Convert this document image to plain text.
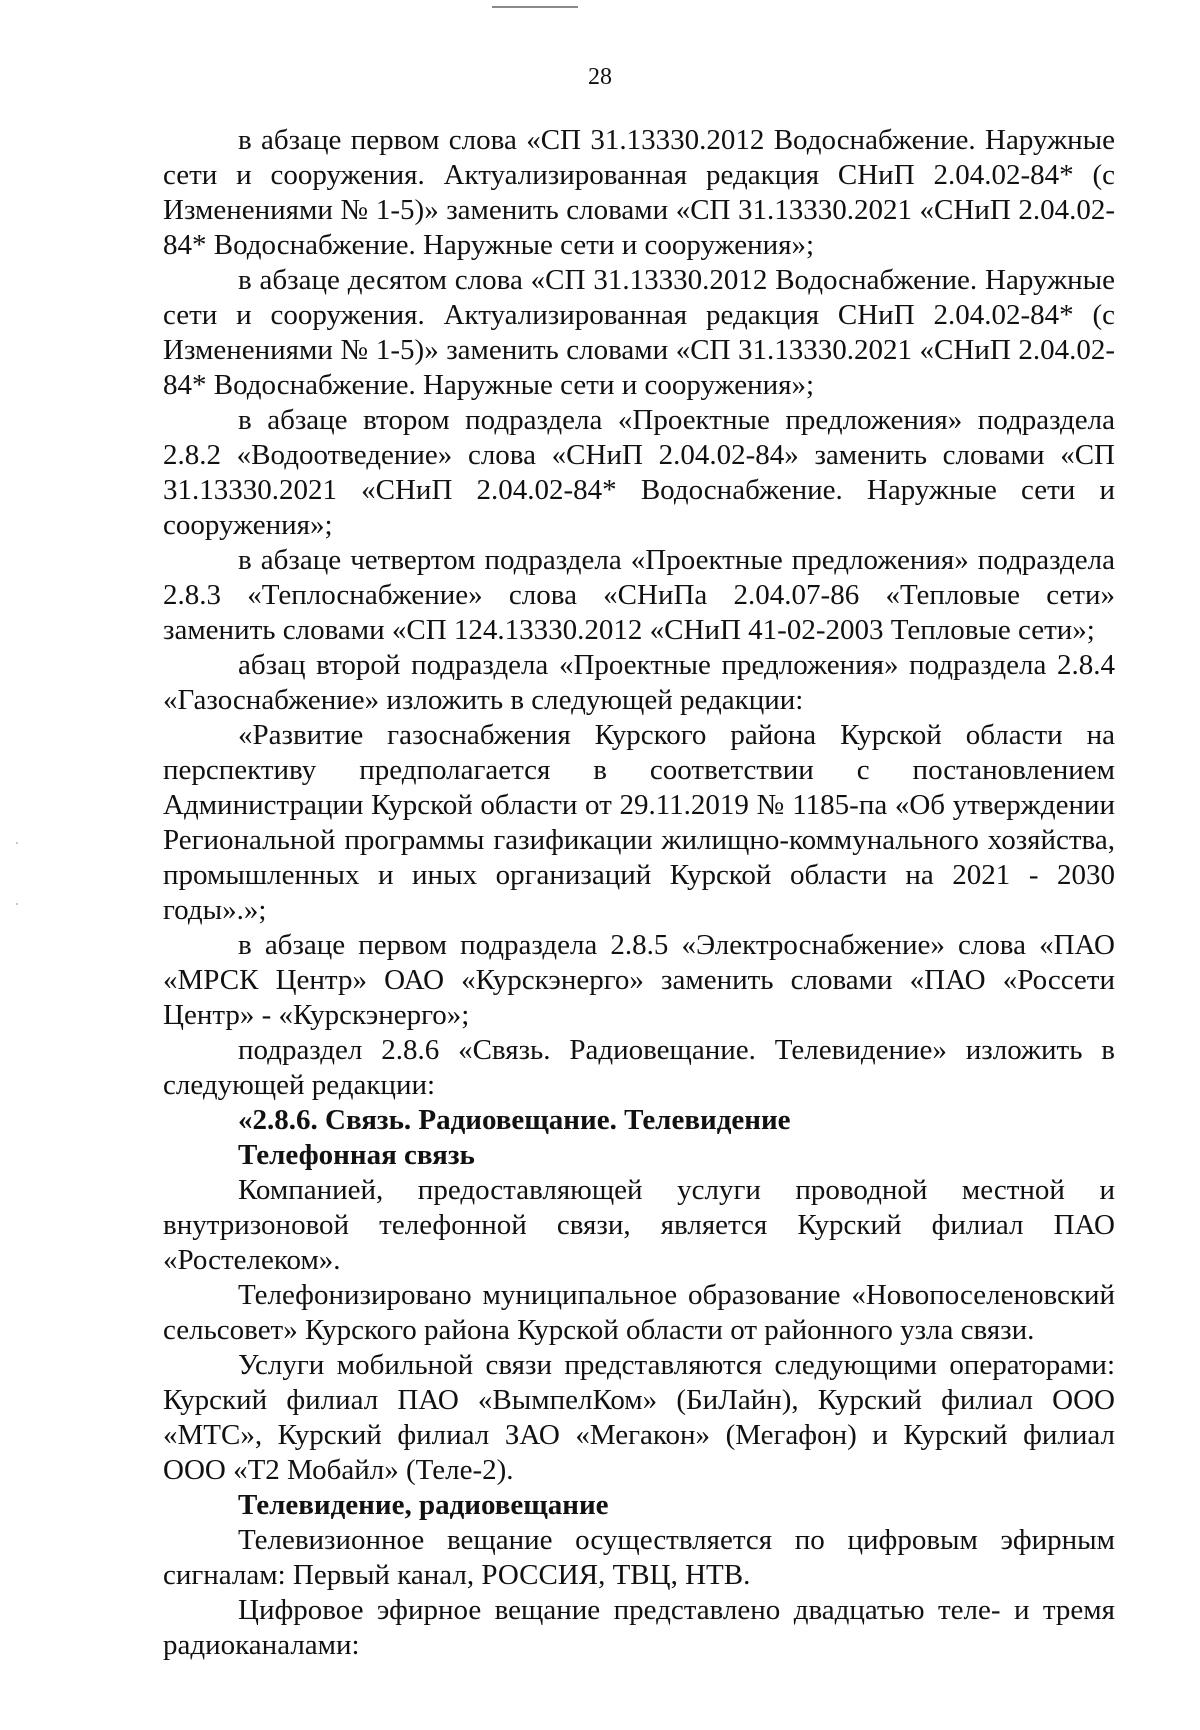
28

в абзаце первом слова «СП 31.13330.2012 Водоснабжение. Наружные сети и сооружения. Актуализированная редакция СНиП 2.04.02-84* (с Изменениями № 1-5)» заменить словами «СП 31.13330.2021 «СНиП 2.04.02-84* Водоснабжение. Наружные сети и сооружения»;

в абзаце десятом слова «СП 31.13330.2012 Водоснабжение. Наружные сети и сооружения. Актуализированная редакция СНиП 2.04.02-84* (с Изменениями № 1-5)» заменить словами «СП 31.13330.2021 «СНиП 2.04.02-84* Водоснабжение. Наружные сети и сооружения»;

в абзаце втором подраздела «Проектные предложения» подраздела 2.8.2 «Водоотведение» слова «СНиП 2.04.02-84» заменить словами «СП 31.13330.2021 «СНиП 2.04.02-84* Водоснабжение. Наружные сети и сооружения»;

в абзаце четвертом подраздела «Проектные предложения» подраздела 2.8.3 «Теплоснабжение» слова «СНиПа 2.04.07-86 «Тепловые сети» заменить словами «СП 124.13330.2012 «СНиП 41-02-2003 Тепловые сети»;

абзац второй подраздела «Проектные предложения» подраздела 2.8.4 «Газоснабжение» изложить в следующей редакции:

«Развитие газоснабжения Курского района Курской области на перспективу предполагается в соответствии с постановлением Администрации Курской области от 29.11.2019 № 1185-па «Об утверждении Региональной программы газификации жилищно-коммунального хозяйства, промышленных и иных организаций Курской области на 2021 - 2030 годы».»;

в абзаце первом подраздела 2.8.5 «Электроснабжение» слова «ПАО «МРСК Центр» ОАО «Курскэнерго» заменить словами «ПАО «Россети Центр» - «Курскэнерго»;

подраздел 2.8.6 «Связь. Радиовещание. Телевидение» изложить в следующей редакции:

«2.8.6. Связь. Радиовещание. Телевидение

Телефонная связь

Компанией, предоставляющей услуги проводной местной и внутризоновой телефонной связи, является Курский филиал ПАО «Ростелеком».

Телефонизировано муниципальное образование «Новопоселеновский сельсовет» Курского района Курской области от районного узла связи.

Услуги мобильной связи представляются следующими операторами: Курский филиал ПАО «ВымпелКом» (БиЛайн), Курский филиал ООО «МТС», Курский филиал ЗАО «Мегакон» (Мегафон) и Курский филиал ООО «Т2 Мобайл» (Теле-2).

Телевидение, радиовещание

Телевизионное вещание осуществляется по цифровым эфирным сигналам: Первый канал, РОССИЯ, ТВЦ, НТВ.

Цифровое эфирное вещание представлено двадцатью теле- и тремя радиоканалами:
